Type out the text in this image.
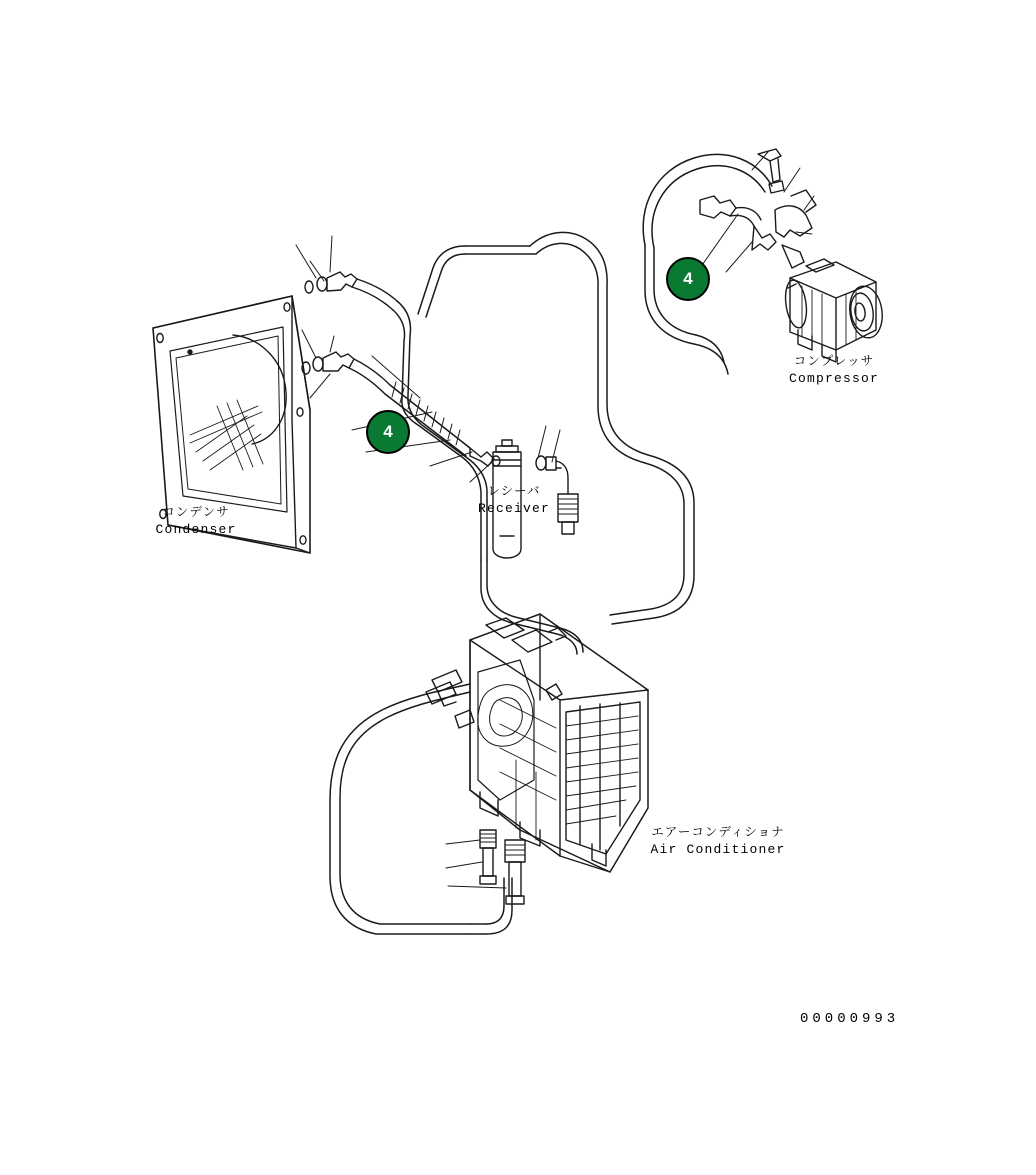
4
4
コンデンサ
Condenser
レシーバ
Receiver
コンプレッサ
Compressor
エアーコンディショナ
Air Conditioner
00000993
